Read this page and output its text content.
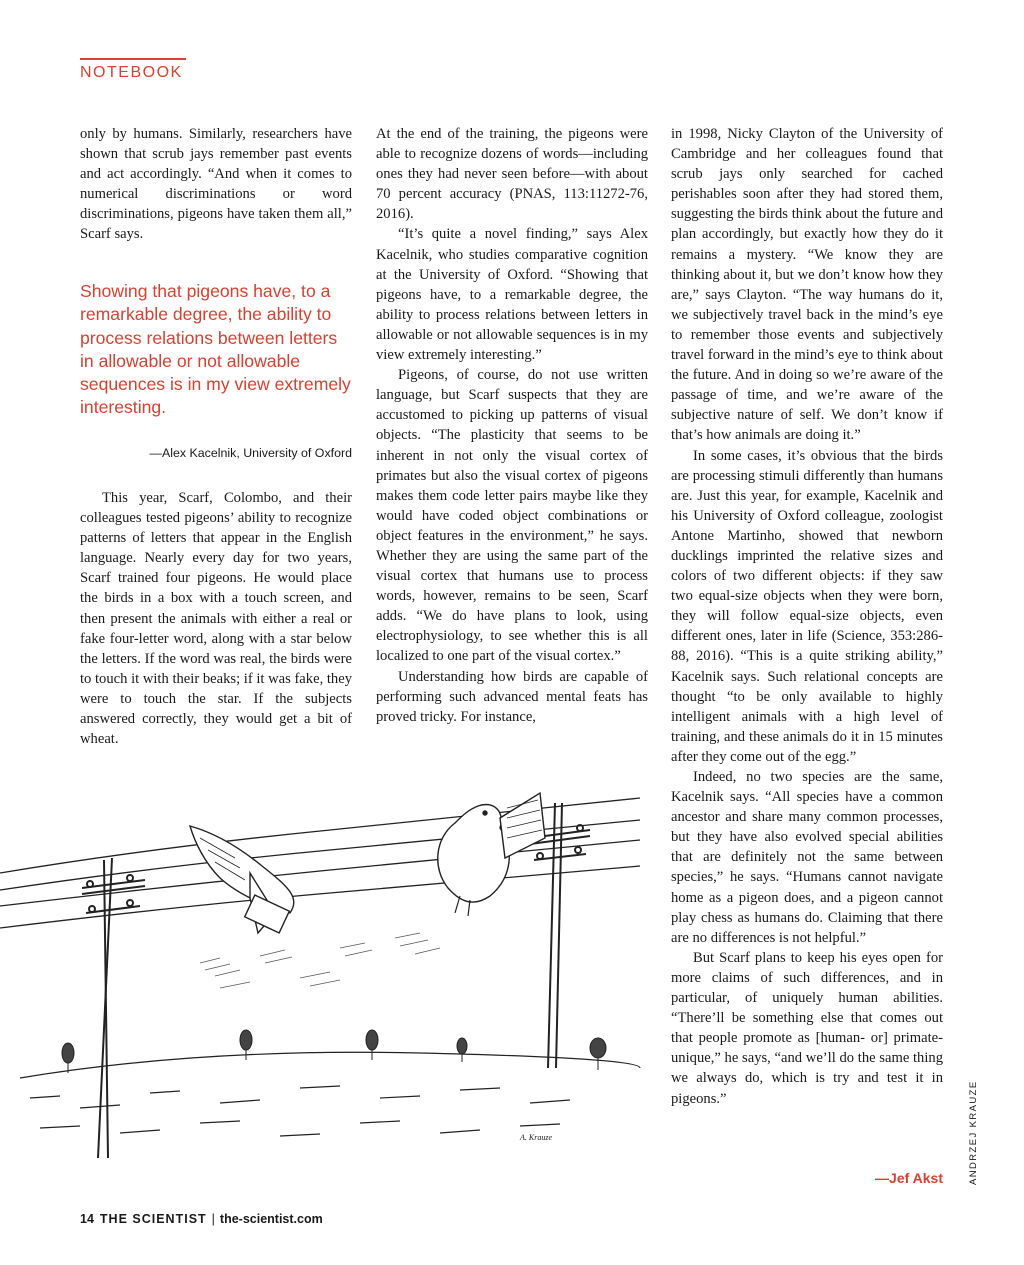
NOTEBOOK

only by humans. Similarly, researchers have shown that scrub jays remember past events and act accordingly. “And when it comes to numerical discriminations or word discriminations, pigeons have taken them all,” Scarf says.

Showing that pigeons have, to a remarkable degree, the ability to process relations between letters in allowable or not allowable sequences is in my view extremely interesting.
—Alex Kacelnik, University of Oxford

This year, Scarf, Colombo, and their colleagues tested pigeons’ ability to recognize patterns of letters that appear in the English language. Nearly every day for two years, Scarf trained four pigeons. He would place the birds in a box with a touch screen, and then present the animals with either a real or fake four-letter word, along with a star below the letters. If the word was real, the birds were to touch it with their beaks; if it was fake, they were to touch the star. If the subjects answered correctly, they would get a bit of wheat.

At the end of the training, the pigeons were able to recognize dozens of words—including ones they had never seen before—with about 70 percent accuracy (PNAS, 113:11272-76, 2016).

“It’s quite a novel finding,” says Alex Kacelnik, who studies comparative cognition at the University of Oxford. “Showing that pigeons have, to a remarkable degree, the ability to process relations between letters in allowable or not allowable sequences is in my view extremely interesting.”

Pigeons, of course, do not use written language, but Scarf suspects that they are accustomed to picking up patterns of visual objects. “The plasticity that seems to be inherent in not only the visual cortex of primates but also the visual cortex of pigeons makes them code letter pairs maybe like they would have coded object combinations or object features in the environment,” he says. Whether they are using the same part of the visual cortex that humans use to process words, however, remains to be seen, Scarf adds. “We do have plans to look, using electrophysiology, to see whether this is all localized to one part of the visual cortex.”

Understanding how birds are capable of performing such advanced mental feats has proved tricky. For instance,

in 1998, Nicky Clayton of the University of Cambridge and her colleagues found that scrub jays only searched for cached perishables soon after they had stored them, suggesting the birds think about the future and plan accordingly, but exactly how they do it remains a mystery. “We know they are thinking about it, but we don’t know how they are,” says Clayton. “The way humans do it, we subjectively travel back in the mind’s eye to remember those events and subjectively travel forward in the mind’s eye to think about the future. And in doing so we’re aware of the passage of time, and we’re aware of the subjective nature of self. We don’t know if that’s how animals are doing it.”

In some cases, it’s obvious that the birds are processing stimuli differently than humans are. Just this year, for example, Kacelnik and his University of Oxford colleague, zoologist Antone Martinho, showed that newborn ducklings imprinted the relative sizes and colors of two different objects: if they saw two equal-size objects when they were born, they will follow equal-size objects, even different ones, later in life (Science, 353:286-88, 2016). “This is a quite striking ability,” Kacelnik says. Such relational concepts are thought “to be only available to highly intelligent animals with a high level of training, and these animals do it in 15 minutes after they come out of the egg.”

Indeed, no two species are the same, Kacelnik says. “All species have a common ancestor and share many common processes, but they have also evolved special abilities that are definitely not the same between species,” he says. “Humans cannot navigate home as a pigeon does, and a pigeon cannot play chess as humans do. Claiming that there are no differences is not helpful.”

But Scarf plans to keep his eyes open for more claims of such differences, and in particular, of uniquely human abilities. “There’ll be something else that comes out that people promote as [human- or] primate-unique,” he says, “and we’ll do the same thing we always do, which is try and test it in pigeons.”

A. Krauze
—Jef Akst	ANDRZEJ KRAUZE
14 THE SCIENTIST | the-scientist.com
